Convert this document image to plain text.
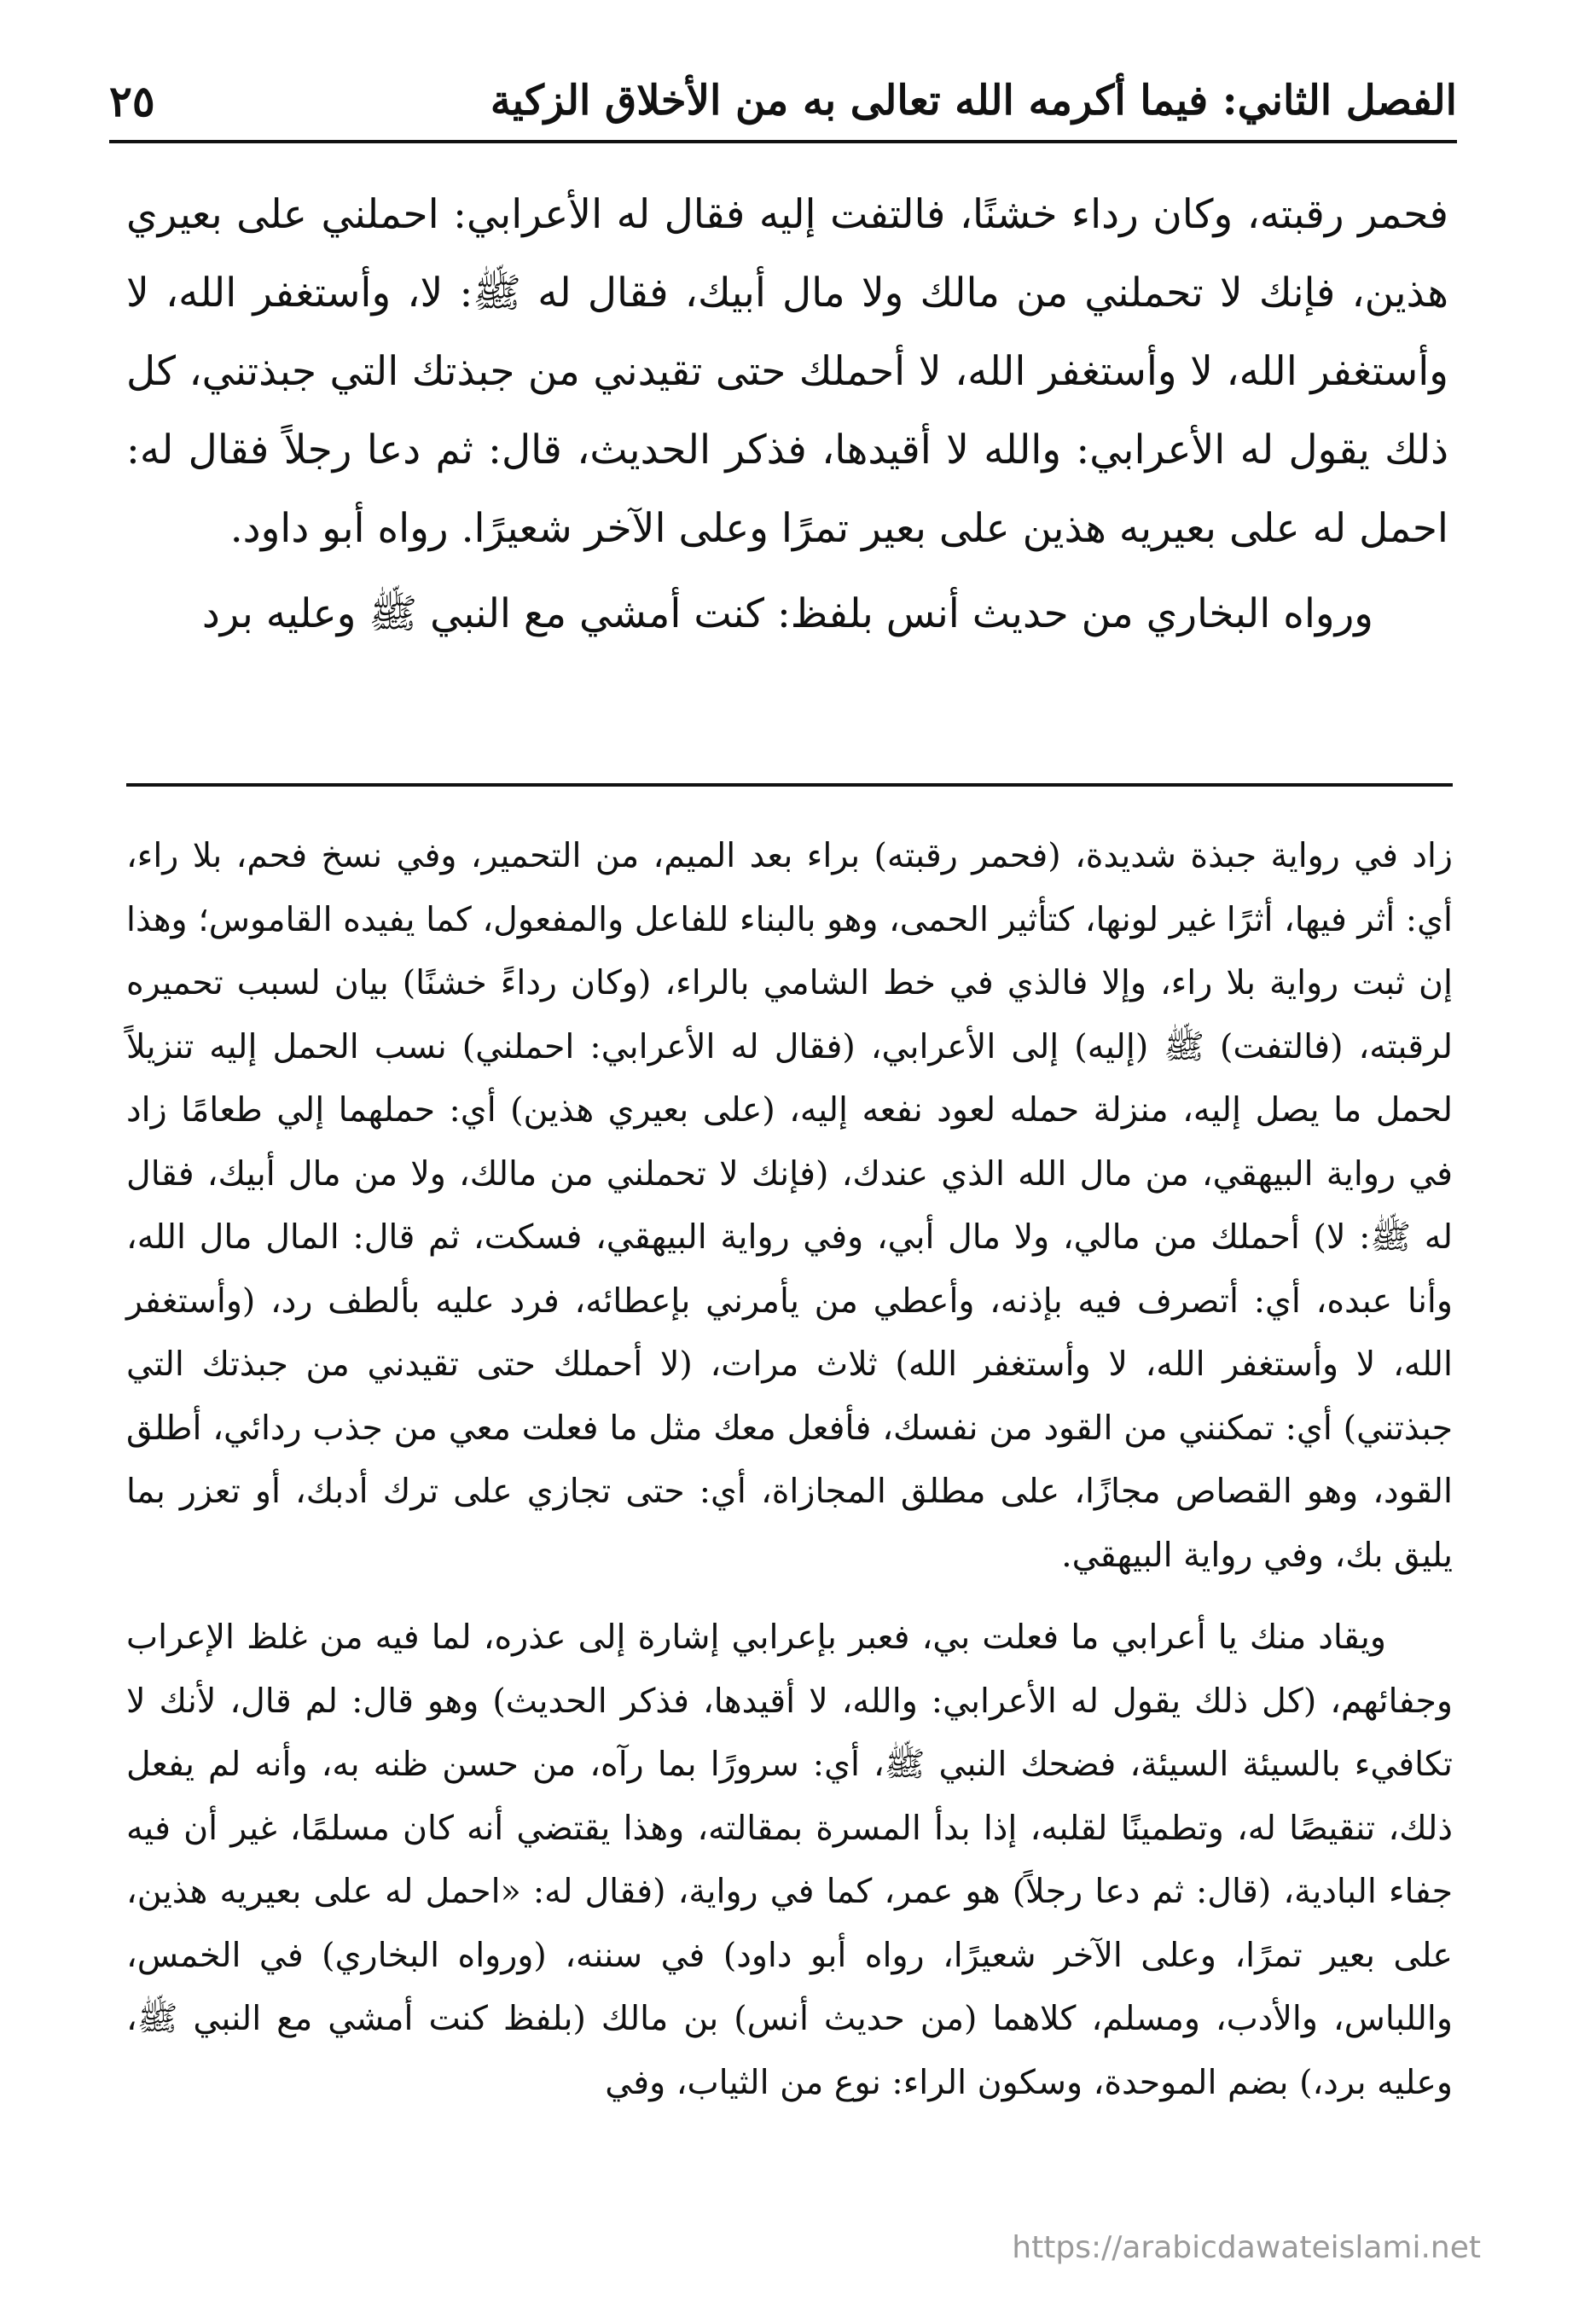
الفصل الثاني: فيما أكرمه الله تعالى به من الأخلاق الزكية
٢٥

فحمر رقبته، وكان رداء خشنًا، فالتفت إليه فقال له الأعرابي: احملني على بعيري هذين، فإنك لا تحملني من مالك ولا مال أبيك، فقال له ﷺ: لا، وأستغفر الله، لا وأستغفر الله، لا وأستغفر الله، لا أحملك حتى تقيدني من جبذتك التي جبذتني، كل ذلك يقول له الأعرابي: والله لا أقيدها، فذكر الحديث، قال: ثم دعا رجلاً فقال له: احمل له على بعيريه هذين على بعير تمرًا وعلى الآخر شعيرًا. رواه أبو داود.

ورواه البخاري من حديث أنس بلفظ: كنت أمشي مع النبي ﷺ وعليه برد

زاد في رواية جبذة شديدة، (فحمر رقبته) براء بعد الميم، من التحمير، وفي نسخ فحم، بلا راء، أي: أثر فيها، أثرًا غير لونها، كتأثير الحمى، وهو بالبناء للفاعل والمفعول، كما يفيده القاموس؛ وهذا إن ثبت رواية بلا راء، وإلا فالذي في خط الشامي بالراء، (وكان رداءً خشنًا) بيان لسبب تحميره لرقبته، (فالتفت) ﷺ (إليه) إلى الأعرابي، (فقال له الأعرابي: احملني) نسب الحمل إليه تنزيلاً لحمل ما يصل إليه، منزلة حمله لعود نفعه إليه، (على بعيري هذين) أي: حملهما إلي طعامًا زاد في رواية البيهقي، من مال الله الذي عندك، (فإنك لا تحملني من مالك، ولا من مال أبيك، فقال له ﷺ: لا) أحملك من مالي، ولا مال أبي، وفي رواية البيهقي، فسكت، ثم قال: المال مال الله، وأنا عبده، أي: أتصرف فيه بإذنه، وأعطي من يأمرني بإعطائه، فرد عليه بألطف رد، (وأستغفر الله، لا وأستغفر الله، لا وأستغفر الله) ثلاث مرات، (لا أحملك حتى تقيدني من جبذتك التي جبذتني) أي: تمكنني من القود من نفسك، فأفعل معك مثل ما فعلت معي من جذب ردائي، أطلق القود، وهو القصاص مجازًا، على مطلق المجازاة، أي: حتى تجازي على ترك أدبك، أو تعزر بما يليق بك، وفي رواية البيهقي.

ويقاد منك يا أعرابي ما فعلت بي، فعبر بإعرابي إشارة إلى عذره، لما فيه من غلظ الإعراب وجفائهم، (كل ذلك يقول له الأعرابي: والله، لا أقيدها، فذكر الحديث) وهو قال: لم قال، لأنك لا تكافيء بالسيئة السيئة، فضحك النبي ﷺ، أي: سرورًا بما رآه، من حسن ظنه به، وأنه لم يفعل ذلك، تنقيصًا له، وتطمينًا لقلبه، إذا بدأ المسرة بمقالته، وهذا يقتضي أنه كان مسلمًا، غير أن فيه جفاء البادية، (قال: ثم دعا رجلاً) هو عمر، كما في رواية، (فقال له: «احمل له على بعيريه هذين، على بعير تمرًا، وعلى الآخر شعيرًا، رواه أبو داود) في سننه، (ورواه البخاري) في الخمس، واللباس، والأدب، ومسلم، كلاهما (من حديث أنس) بن مالك (بلفظ كنت أمشي مع النبي ﷺ، وعليه برد،) بضم الموحدة، وسكون الراء: نوع من الثياب، وفي

https://arabicdawateislami.net
